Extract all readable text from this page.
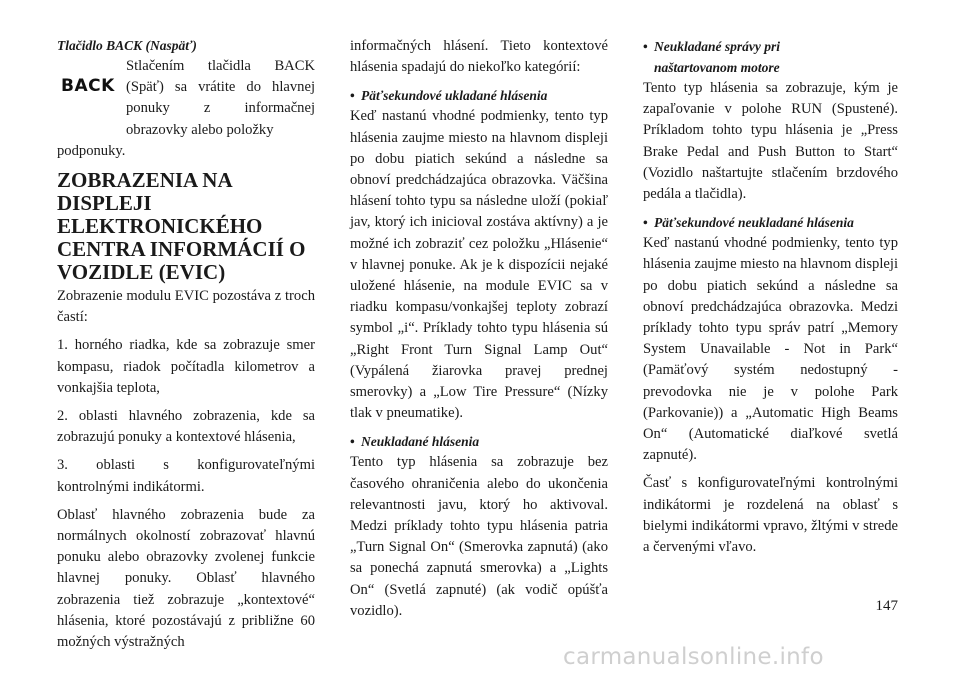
Tlačidlo BACK (Naspäť)
BACK

Stlačením tlačidla BACK (Späť) sa vrátite do hlavnej ponuky z informačnej obrazovky alebo položky

podponuky.

ZOBRAZENIA NA DISPLEJI ELEKTRONICKÉHO CENTRA INFORMÁCIÍ O VOZIDLE (EVIC)

Zobrazenie modulu EVIC pozostáva z troch častí:

1. horného riadka, kde sa zobrazuje smer kompasu, riadok počítadla kilometrov a vonkajšia teplota,

2. oblasti hlavného zobrazenia, kde sa zobrazujú ponuky a kontextové hlásenia,

3. oblasti s konfigurovateľnými kontrolnými indikátormi.

Oblasť hlavného zobrazenia bude za normálnych okolností zobrazovať hlavnú ponuku alebo obrazovky zvolenej funkcie hlavnej ponuky. Oblasť hlavného zobrazenia tiež zobrazuje „kontextové“ hlásenia, ktoré pozostávajú z približne 60 možných výstražných

informačných hlásení. Tieto kontextové hlásenia spadajú do niekoľko kategórií:

• Päťsekundové ukladané hlásenia

Keď nastanú vhodné podmienky, tento typ hlásenia zaujme miesto na hlavnom displeji po dobu piatich sekúnd a následne sa obnoví predchádzajúca obrazovka. Väčšina hlásení tohto typu sa následne uloží (pokiaľ jav, ktorý ich inicioval zostáva aktívny) a je možné ich zobraziť cez položku „Hlásenie“ v hlavnej ponuke. Ak je k dispozícii nejaké uložené hlásenie, na module EVIC sa v riadku kompasu/vonkajšej teploty zobrazí symbol „i“. Príklady tohto typu hlásenia sú „Right Front Turn Signal Lamp Out“ (Vypálená žiarovka pravej prednej smerovky) a „Low Tire Pressure“ (Nízky tlak v pneumatike).

• Neukladané hlásenia

Tento typ hlásenia sa zobrazuje bez časového ohraničenia alebo do ukončenia relevantnosti javu, ktorý ho aktivoval. Medzi príklady tohto typu hlásenia patria „Turn Signal On“ (Smerovka zapnutá) (ako sa ponechá zapnutá smerovka) a „Lights On“ (Svetlá zapnuté) (ak vodič opúšťa vozidlo).

• Neukladané správy pri
naštartovanom motore

Tento typ hlásenia sa zobrazuje, kým je zapaľovanie v polohe RUN (Spustené). Príkladom tohto typu hlásenia je „Press Brake Pedal and Push Button to Start“ (Vozidlo naštartujte stlačením brzdového pedála a tlačidla).

• Päťsekundové neukladané hlásenia

Keď nastanú vhodné podmienky, tento typ hlásenia zaujme miesto na hlavnom displeji po dobu piatich sekúnd a následne sa obnoví predchádzajúca obrazovka. Medzi príklady tohto typu správ patrí „Memory System Unavailable - Not in Park“ (Pamäťový systém nedostupný - prevodovka nie je v polohe Park (Parkovanie)) a „Automatic High Beams On“ (Automatické diaľkové svetlá zapnuté).

Časť s konfigurovateľnými kontrolnými indikátormi je rozdelená na oblasť s bielymi indikátormi vpravo, žltými v strede a červenými vľavo.

147
carmanualsonline.info
